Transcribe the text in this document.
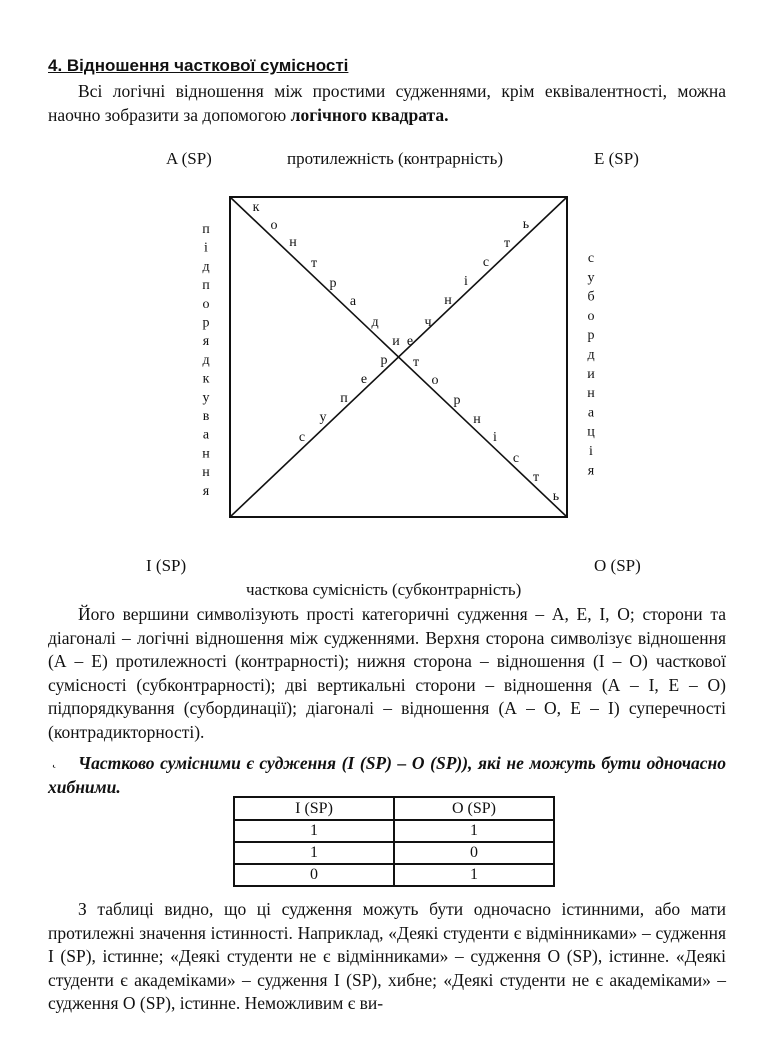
4. Відношення часткової сумісності

Всі логічні відношення між простими судженнями, крім еквівалентності, можна наочно зобразити за допомогою логічного квадрата.

A (SP)	протилежність (контрарність)	E (SP)
к
о
н
т
р
а
д
и
т
о
р
н
і
с
т
ь
с
у
п
е
р
е
ч
н
і
с
т
ь
п
і
д
п
о
р
я
д
к
у
в
а
н
н
я
с
у
б
о
р
д
и
н
а
ц
і
я
I (SP)	O (SP)
часткова сумісність (субконтрарність)

Його вершини символізують прості категоричні судження – А, Е, І, О; сторони та діагоналі – логічні відношення між судженнями. Верхня сторона символізує відношення (А – Е) протилежності (контрарності); нижня сторона – відношення (І – О) часткової сумісності (субконтрарності); дві вертикальні сторони – відношення (А – І, Е – О) підпорядкування (субординації); діагоналі – відношення (А – О, Е – І) суперечності (контрадикторності).

˛	Частково сумісними є судження (І (SP) – О (SP)), які не можуть бути одночасно хибними.

I (SP)	O (SP)
1	1
1	0
0	1

З таблиці видно, що ці судження можуть бути одночасно істинними, або мати протилежні значення істинності. Наприклад, «Деякі студенти є відмінниками» – судження І (SP), істинне; «Деякі студенти не є відмінниками» – судження О (SP), істинне. «Деякі студенти є академіками» – судження І (SP), хибне; «Деякі студенти не є академіками» – судження О (SP), істинне. Неможливим є ви-
